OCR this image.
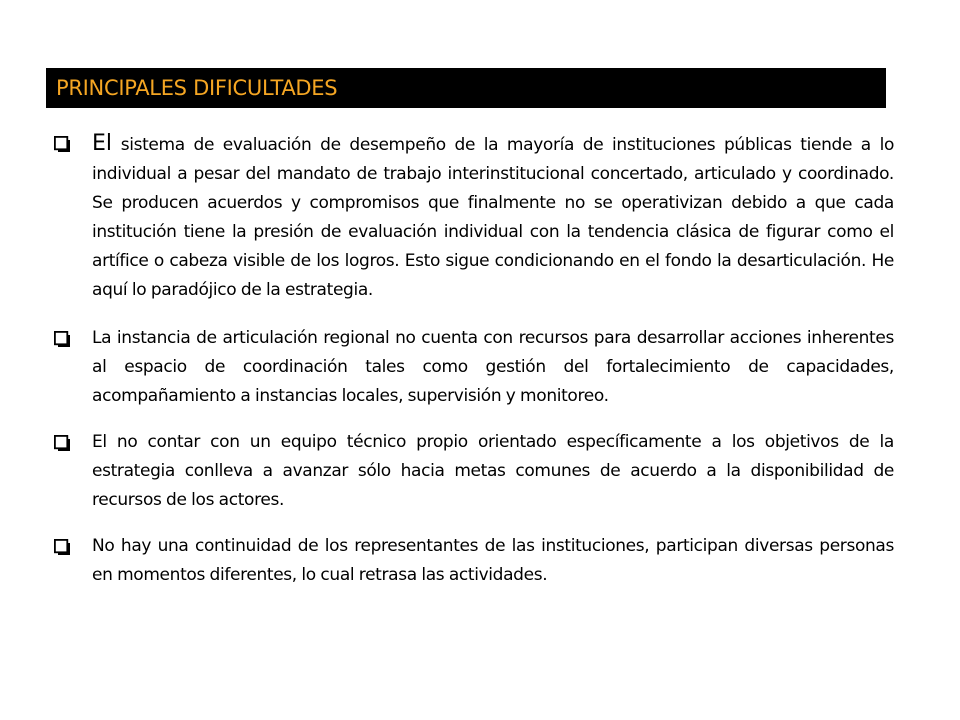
PRINCIPALES DIFICULTADES
El sistema de evaluación de desempeño de la mayoría de instituciones públicas tiende a lo individual a pesar del mandato de trabajo interinstitucional concertado, articulado y coordinado. Se producen acuerdos y compromisos que finalmente no se operativizan debido a que cada institución tiene la presión de evaluación individual con la tendencia clásica de figurar como el artífice o cabeza visible de los logros. Esto sigue condicionando en el fondo la desarticulación. He aquí lo paradójico de la estrategia.
La instancia de articulación regional no cuenta con recursos para desarrollar acciones inherentes al espacio de coordinación tales como gestión del fortalecimiento de capacidades, acompañamiento a instancias locales, supervisión y monitoreo.
El no contar con un equipo técnico propio orientado específicamente a los objetivos de la estrategia conlleva a avanzar sólo hacia metas comunes de acuerdo a la disponibilidad de recursos de los actores.
No hay una continuidad de los representantes de las instituciones, participan diversas personas en momentos diferentes, lo cual retrasa las actividades.
